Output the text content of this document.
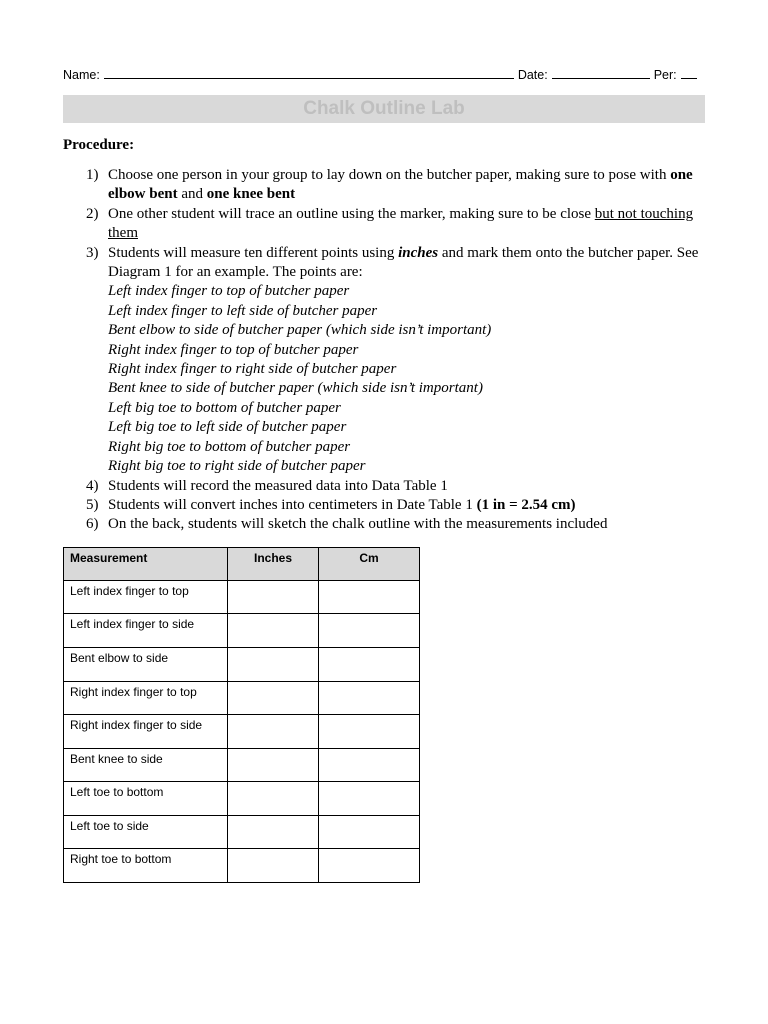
Name:	Date:	Per:
Chalk Outline Lab
Procedure:
1) Choose one person in your group to lay down on the butcher paper, making sure to pose with one elbow bent and one knee bent
2) One other student will trace an outline using the marker, making sure to be close but not touching them
3) Students will measure ten different points using inches and mark them onto the butcher paper. See Diagram 1 for an example. The points are:
Left index finger to top of butcher paper
Left index finger to left side of butcher paper
Bent elbow to side of butcher paper (which side isn’t important)
Right index finger to top of butcher paper
Right index finger to right side of butcher paper
Bent knee to side of butcher paper (which side isn’t important)
Left big toe to bottom of butcher paper
Left big toe to left side of butcher paper
Right big toe to bottom of butcher paper
Right big toe to right side of butcher paper
4) Students will record the measured data into Data Table 1
5) Students will convert inches into centimeters in Date Table 1 (1 in = 2.54 cm)
6) On the back, students will sketch the chalk outline with the measurements included
Measurement	Inches	Cm
Left index finger to top		
Left index finger to side		
Bent elbow to side		
Right index finger to top		
Right index finger to side		
Bent knee to side		
Left toe to bottom		
Left toe to side		
Right toe to bottom		
